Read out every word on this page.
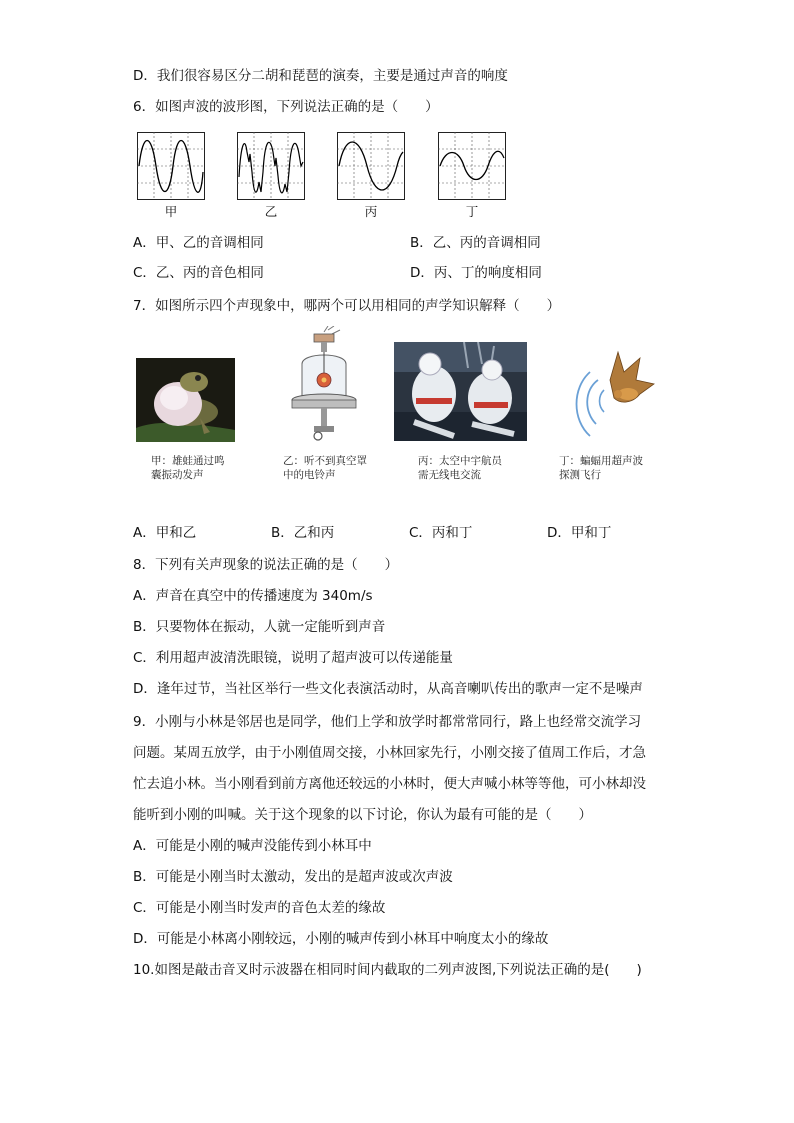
D．我们很容易区分二胡和琵琶的演奏，主要是通过声音的响度
6．如图声波的波形图，下列说法正确的是（　　）
甲	乙	丙	丁
A．甲、乙的音调相同	B．乙、丙的音调相同
C．乙、丙的音色相同	D．丙、丁的响度相同
7．如图所示四个声现象中，哪两个可以用相同的声学知识解释（　　）
甲：雄蛙通过鸣
囊振动发声
乙：听不到真空罩
中的电铃声
丙：太空中宇航员
需无线电交流
丁：蝙蝠用超声波
探测飞行
A．甲和乙	B．乙和丙	C．丙和丁	D．甲和丁
8．下列有关声现象的说法正确的是（　　）
A．声音在真空中的传播速度为 340m/s
B．只要物体在振动，人就一定能听到声音
C．利用超声波清洗眼镜，说明了超声波可以传递能量
D．逢年过节，当社区举行一些文化表演活动时，从高音喇叭传出的歌声一定不是噪声
9．小刚与小林是邻居也是同学，他们上学和放学时都常常同行，路上也经常交流学习
问题。某周五放学，由于小刚值周交接，小林回家先行，小刚交接了值周工作后，才急
忙去追小林。当小刚看到前方离他还较远的小林时，便大声喊小林等等他，可小林却没
能听到小刚的叫喊。关于这个现象的以下讨论，你认为最有可能的是（　　）
A．可能是小刚的喊声没能传到小林耳中
B．可能是小刚当时太激动，发出的是超声波或次声波
C．可能是小刚当时发声的音色太差的缘故
D．可能是小林离小刚较远，小刚的喊声传到小林耳中响度太小的缘故
10.如图是敲击音叉时示波器在相同时间内截取的二列声波图,下列说法正确的是(　　)
